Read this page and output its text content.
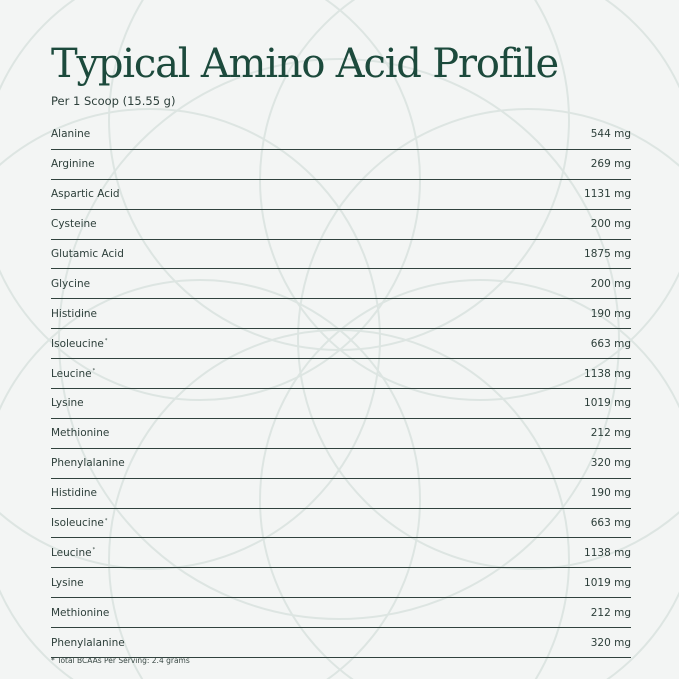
Typical Amino Acid Profile
Per 1 Scoop (15.55 g)
Alanine	544 mg
Arginine	269 mg
Aspartic Acid	1131 mg
Cysteine	200 mg
Glutamic Acid	1875 mg
Glycine	200 mg
Histidine	190 mg
Isoleucine*	663 mg
Leucine*	1138 mg
Lysine	1019 mg
Methionine	212 mg
Phenylalanine	320 mg
Histidine	190 mg
Isoleucine*	663 mg
Leucine*	1138 mg
Lysine	1019 mg
Methionine	212 mg
Phenylalanine	320 mg
* Total BCAAs Per Serving: 2.4 grams
